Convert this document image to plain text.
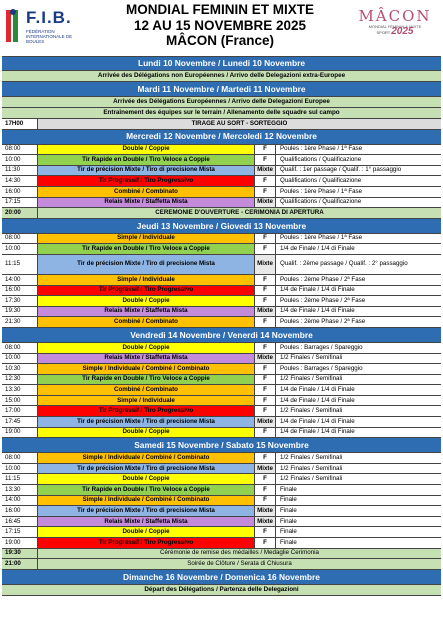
F.I.B.
FÉDÉRATION INTERNATIONALE DE BOULES
MONDIAL FEMININ ET MIXTE
12 AU 15 NOVEMBRE 2025
MÂCON (France)
MÂCON
MONDIAL FÉMININ & MIXTE
SPORT 2025
Lundi 10 Novembre / Lunedi 10 Novembre
Arrivée des Délégations non Européennes / Arrivo delle Delegazioni extra-Europee
Mardi 11 Novembre / Martedi 11 Novembre
Arrivée des Délégations Européennes / Arrivo delle Delegazioni Europee
Entraînement des équipes sur le terrain / Allenamento delle squadre sul campo
17H00	TIRAGE AU SORT - SORTEGGIO
Mercredi 12 Novembre / Mercoledi 12 Novembre
08:00	Double / Coppie	F	Poules : 1ère Phase / 1ª Fase
10:00	Tir Rapide en Double / Tiro Veloce a Coppie	F	Qualifications / Qualificazione
11:30	Tir de précision Mixte / Tiro di precisione Mista	Mixte	Qualif. : 1er passage / Qualif. : 1° passaggio
14:30	Tir Progressif / Tiro Progressivo	F	Qualifications / Qualificazione
16:00	Combiné / Combinato	F	Poules : 1ère Phase / 1ª Fase
17:15	Relais Mixte / Staffetta Mista	Mixte	Qualifications / Qualificazione
20:00	CEREMONIE D'OUVERTURE - CERIMONIA DI APERTURA
Jeudi 13 Novembre / Giovedi 13 Novembre
08:00	Simple / Individuale	F	Poules : 1ère Phase / 1ª Fase
10:00	Tir Rapide en Double / Tiro Veloce a Coppie	F	1/4 de Finale / 1/4 di Finale
11:15	Tir de précision Mixte / Tiro di precisione Mista	Mixte	Qualif. : 2ème passage / Qualif. : 2° passaggio
14:00	Simple / Individuale	F	Poules : 2ème Phase / 2ª Fase
16:00	Tir Progressif / Tiro Progressivo	F	1/4 de Finale / 1/4 di Finale
17:30	Double / Coppie	F	Poules : 2ème Phase / 2ª Fase
19:30	Relais Mixte / Staffetta Mista	Mixte	1/4 de Finale / 1/4 di Finale
21:30	Combiné / Combinato	F	Poules : 2ème Phase / 2ª Fase
Vendredi 14 Novembre / Venerdi 14 Novembre
08:00	Double / Coppie	F	Poules : Barrages / Spareggio
10:00	Relais Mixte / Staffetta Mista	Mixte	1/2 Finales / Semifinali
10:30	Simple / Individuale / Combiné / Combinato	F	Poules : Barrages / Spareggio
12:30	Tir Rapide en Double / Tiro Veloce a Coppie	F	1/2 Finales / Semifinali
13:30	Combiné / Combinato	F	1/4 de Finale / 1/4 di Finale
15:00	Simple / Individuale	F	1/4 de Finale / 1/4 di Finale
17:00	Tir Progressif / Tiro Progressivo	F	1/2 Finales / Semifinali
17:45	Tir de précision Mixte / Tiro di precisione Mista	Mixte	1/4 de Finale / 1/4 di Finale
19:00	Double / Coppie	F	1/4 de Finale / 1/4 di Finale
Samedi 15 Novembre / Sabato 15 Novembre
08:00	Simple / Individuale / Combiné / Combinato	F	1/2 Finales / Semifinali
10:00	Tir de précision Mixte / Tiro di precisione Mista	Mixte	1/2 Finales / Semifinali
11:15	Double / Coppie	F	1/2 Finales / Semifinali
13:30	Tir Rapide en Double / Tiro Veloce a Coppie	F	Finale
14:00	Simple / Individuale / Combiné / Combinato	F	Finale
16:00	Tir de précision Mixte / Tiro di precisione Mista	Mixte	Finale
16:45	Relais Mixte / Staffetta Mista	Mixte	Finale
17:15	Double / Coppie	F	Finale
19:00	Tir Progressif / Tiro Progressivo	F	Finale
19:30	Cérémonie de remise des médailles / Medaglie Cerimonia
21:00	Soirée de Clôture / Serata di Chiusura
Dimanche 16 Novembre / Domenica 16 Novembre
Départ des Délégations / Partenza delle Delegazioni
